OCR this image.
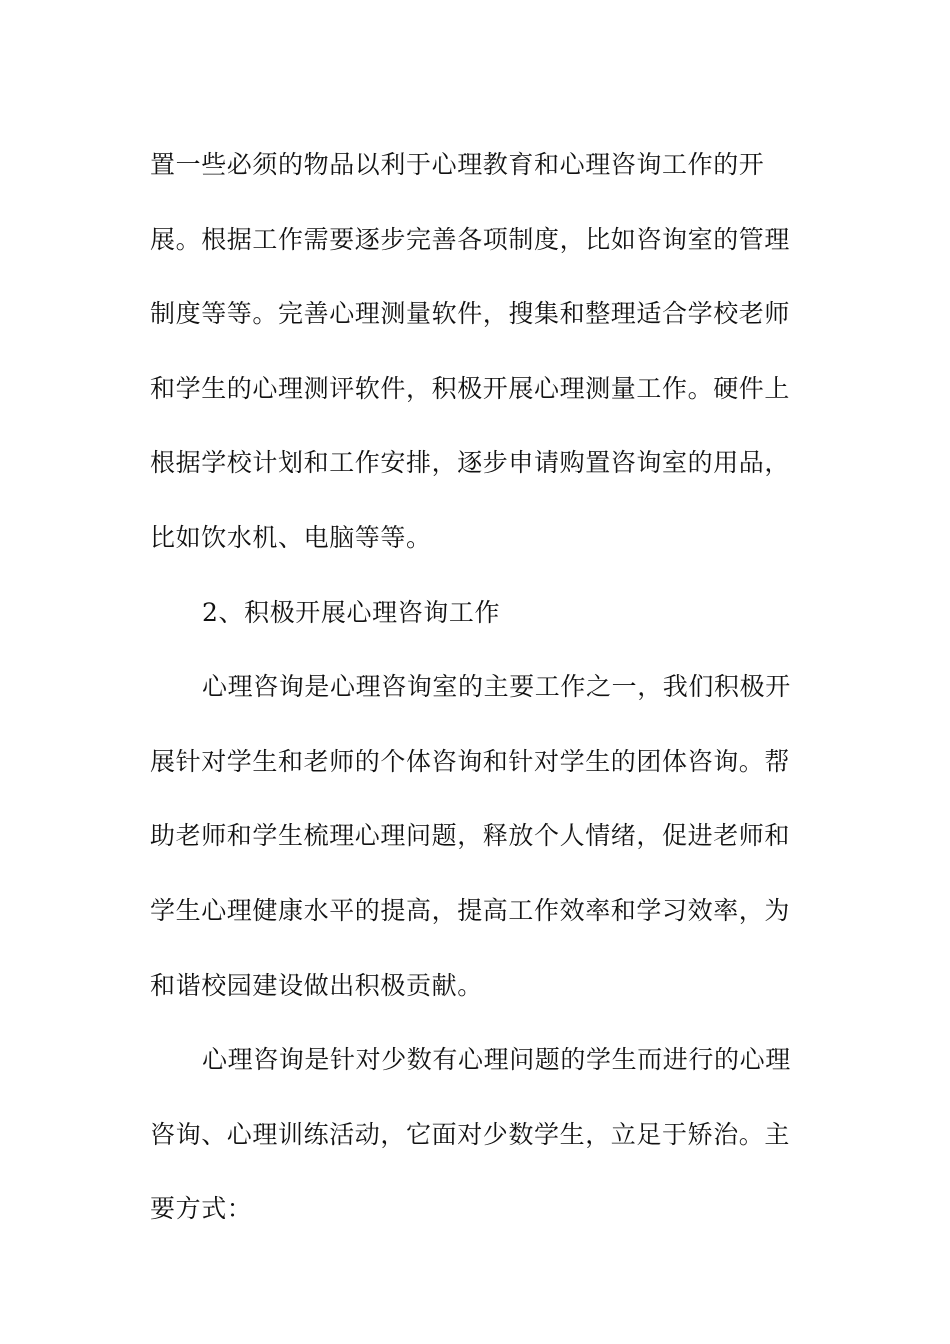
置一些必须的物品以利于心理教育和心理咨询工作的开
展。根据工作需要逐步完善各项制度，比如咨询室的管理
制度等等。完善心理测量软件，搜集和整理适合学校老师
和学生的心理测评软件，积极开展心理测量工作。硬件上
根据学校计划和工作安排，逐步申请购置咨询室的用品，
比如饮水机、电脑等等。

2、积极开展心理咨询工作

心理咨询是心理咨询室的主要工作之一，我们积极开
展针对学生和老师的个体咨询和针对学生的团体咨询。帮
助老师和学生梳理心理问题，释放个人情绪，促进老师和
学生心理健康水平的提高，提高工作效率和学习效率，为
和谐校园建设做出积极贡献。

心理咨询是针对少数有心理问题的学生而进行的心理
咨询、心理训练活动，它面对少数学生，立足于矫治。主
要方式：
